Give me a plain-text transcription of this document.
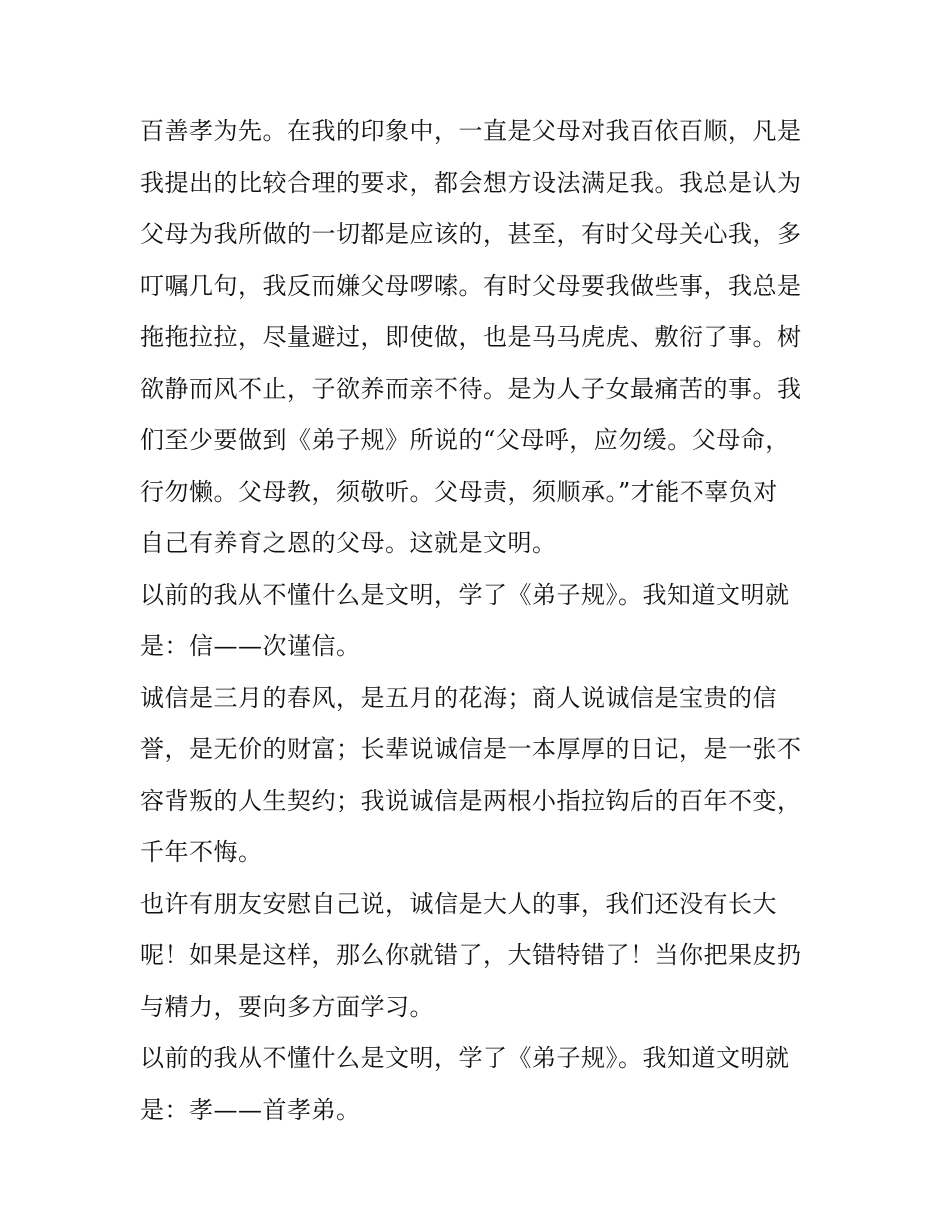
百善孝为先。在我的印象中，一直是父母对我百依百顺，凡是
我提出的比较合理的要求，都会想方设法满足我。我总是认为
父母为我所做的一切都是应该的，甚至，有时父母关心我，多
叮嘱几句，我反而嫌父母啰嗦。有时父母要我做些事，我总是
拖拖拉拉，尽量避过，即使做，也是马马虎虎、敷衍了事。树
欲静而风不止，子欲养而亲不待。是为人子女最痛苦的事。我
们至少要做到《弟子规》所说的“父母呼，应勿缓。父母命，
行勿懒。父母教，须敬听。父母责，须顺承。”才能不辜负对
自己有养育之恩的父母。这就是文明。
以前的我从不懂什么是文明，学了《弟子规》。我知道文明就
是：信——次谨信。
诚信是三月的春风，是五月的花海；商人说诚信是宝贵的信
誉，是无价的财富；长辈说诚信是一本厚厚的日记，是一张不
容背叛的人生契约；我说诚信是两根小指拉钩后的百年不变，
千年不悔。
也许有朋友安慰自己说，诚信是大人的事，我们还没有长大
呢！如果是这样，那么你就错了，大错特错了！当你把果皮扔
与精力，要向多方面学习。
以前的我从不懂什么是文明，学了《弟子规》。我知道文明就
是：孝——首孝弟。
